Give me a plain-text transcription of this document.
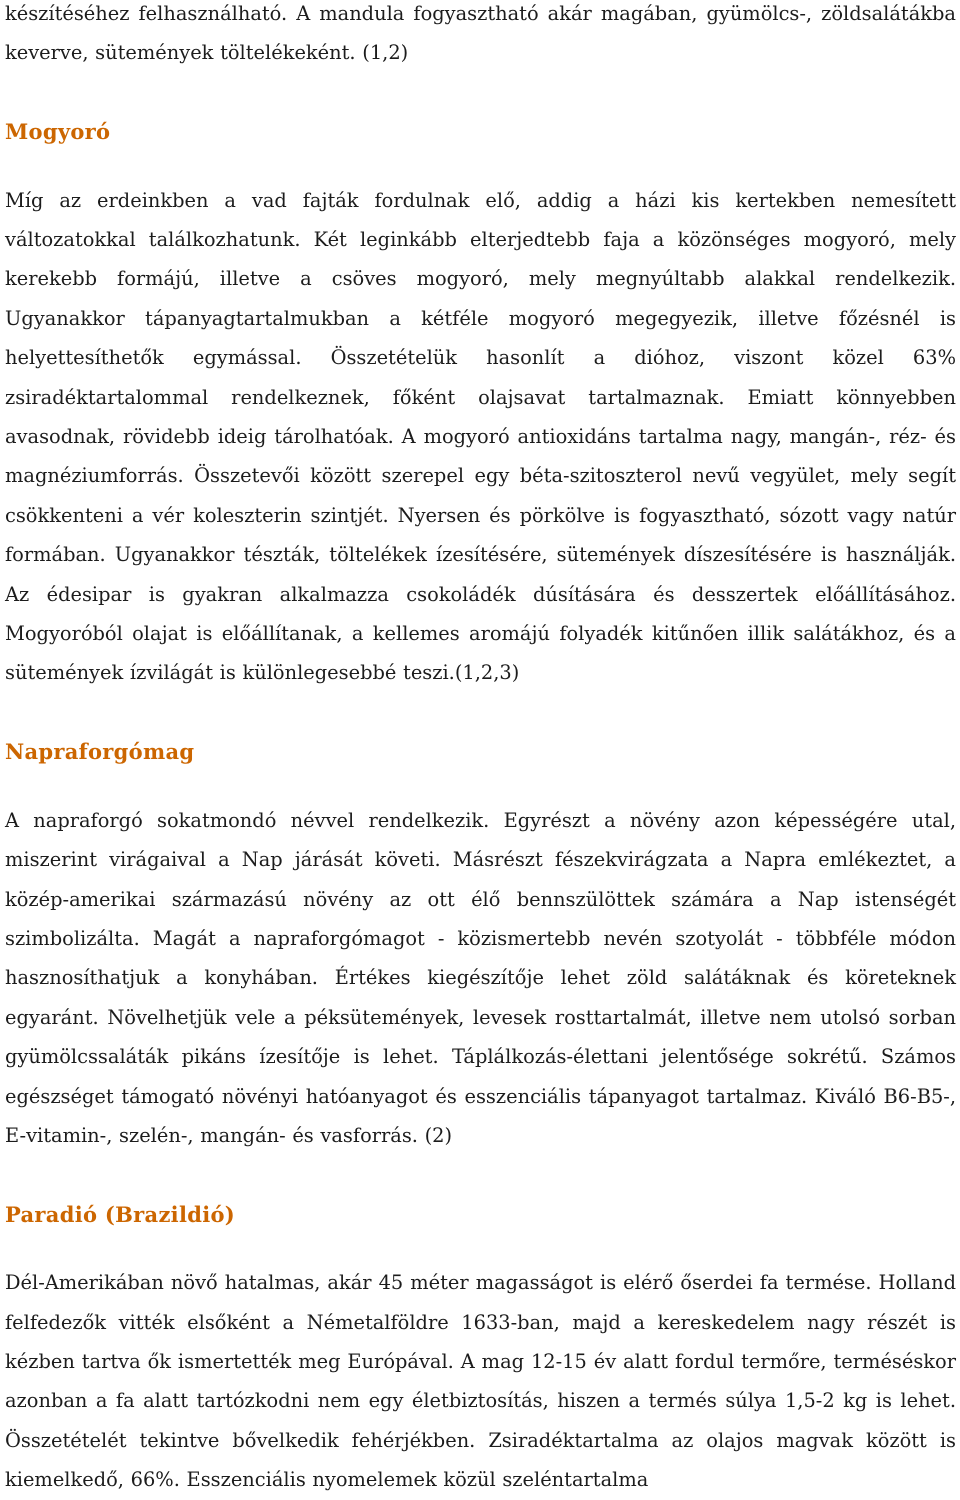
készítéséhez felhasználható. A mandula fogyasztható akár magában, gyümölcs-, zöldsalátákba keverve, sütemények töltelékeként. (1,2)

Mogyoró

Míg az erdeinkben a vad fajták fordulnak elő, addig a házi kis kertekben nemesített változatokkal találkozhatunk. Két leginkább elterjedtebb faja a közönséges mogyoró, mely kerekebb formájú, illetve a csöves mogyoró, mely megnyúltabb alakkal rendelkezik. Ugyanakkor tápanyagtartalmukban a kétféle mogyoró megegyezik, illetve főzésnél is helyettesíthetők egymással. Összetételük hasonlít a dióhoz, viszont közel 63% zsiradéktartalommal rendelkeznek, főként olajsavat tartalmaznak. Emiatt könnyebben avasodnak, rövidebb ideig tárolhatóak. A mogyoró antioxidáns tartalma nagy, mangán-, réz- és magnéziumforrás. Összetevői között szerepel egy béta-szitoszterol nevű vegyület, mely segít csökkenteni a vér koleszterin szintjét. Nyersen és pörkölve is fogyasztható, sózott vagy natúr formában. Ugyanakkor tészták, töltelékek ízesítésére, sütemények díszesítésére is használják. Az édesipar is gyakran alkalmazza csokoládék dúsítására és desszertek előállításához. Mogyoróból olajat is előállítanak, a kellemes aromájú folyadék kitűnően illik salátákhoz, és a sütemények ízvilágát is különlegesebbé teszi.(1,2,3)

Napraforgómag

A napraforgó sokatmondó névvel rendelkezik. Egyrészt a növény azon képességére utal, miszerint virágaival a Nap járását követi. Másrészt fészekvirágzata a Napra emlékeztet, a közép-amerikai származású növény az ott élő bennszülöttek számára a Nap istenségét szimbolizálta. Magát a napraforgómagot - közismertebb nevén szotyolát - többféle módon hasznosíthatjuk a konyhában. Értékes kiegészítője lehet zöld salátáknak és köreteknek egyaránt. Növelhetjük vele a péksütemények, levesek rosttartalmát, illetve nem utolsó sorban gyümölcssaláták pikáns ízesítője is lehet. Táplálkozás-élettani jelentősége sokrétű. Számos egészséget támogató növényi hatóanyagot és esszenciális tápanyagot tartalmaz. Kiváló B6-B5-, E-vitamin-, szelén-, mangán- és vasforrás. (2)

Paradió (Brazildió)

Dél-Amerikában növő hatalmas, akár 45 méter magasságot is elérő őserdei fa termése. Holland felfedezők vitték elsőként a Németalföldre 1633-ban, majd a kereskedelem nagy részét is kézben tartva ők ismertették meg Európával. A mag 12-15 év alatt fordul termőre, terméséskor azonban a fa alatt tartózkodni nem egy életbiztosítás, hiszen a termés súlya 1,5-2 kg is lehet. Összetételét tekintve bővelkedik fehérjékben. Zsiradéktartalma az olajos magvak között is kiemelkedő, 66%. Esszenciális nyomelemek közül szeléntartalma
